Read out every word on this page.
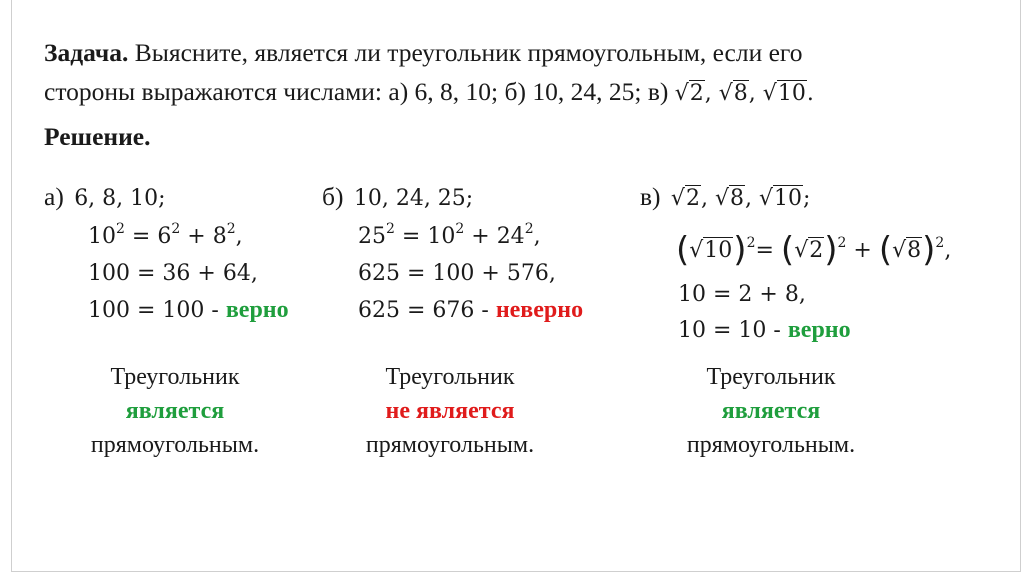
Задача. Выясните, является ли треугольник прямоугольным, если его
стороны выражаются числами: а) 6, 8, 10; б) 10, 24, 25; в) √2, √8, √10.
Решение.
а) 6, 8, 10;
$10^2 = 6^2 + 8^2$,
100 = 36 + 64,
100 = 100 - верно
б) 10, 24, 25;
$25^2 = 10^2 + 24^2$,
625 = 100 + 576,
625 = 676 - неверно
в) √2, √8, √10;
$(√10)^2= (√2)^2 + (√8)^2$,
10 = 2 + 8,
10 = 10 - верно
Треугольник
является
прямоугольным.
Треугольник
не является
прямоугольным.
Треугольник
является
прямоугольным.
